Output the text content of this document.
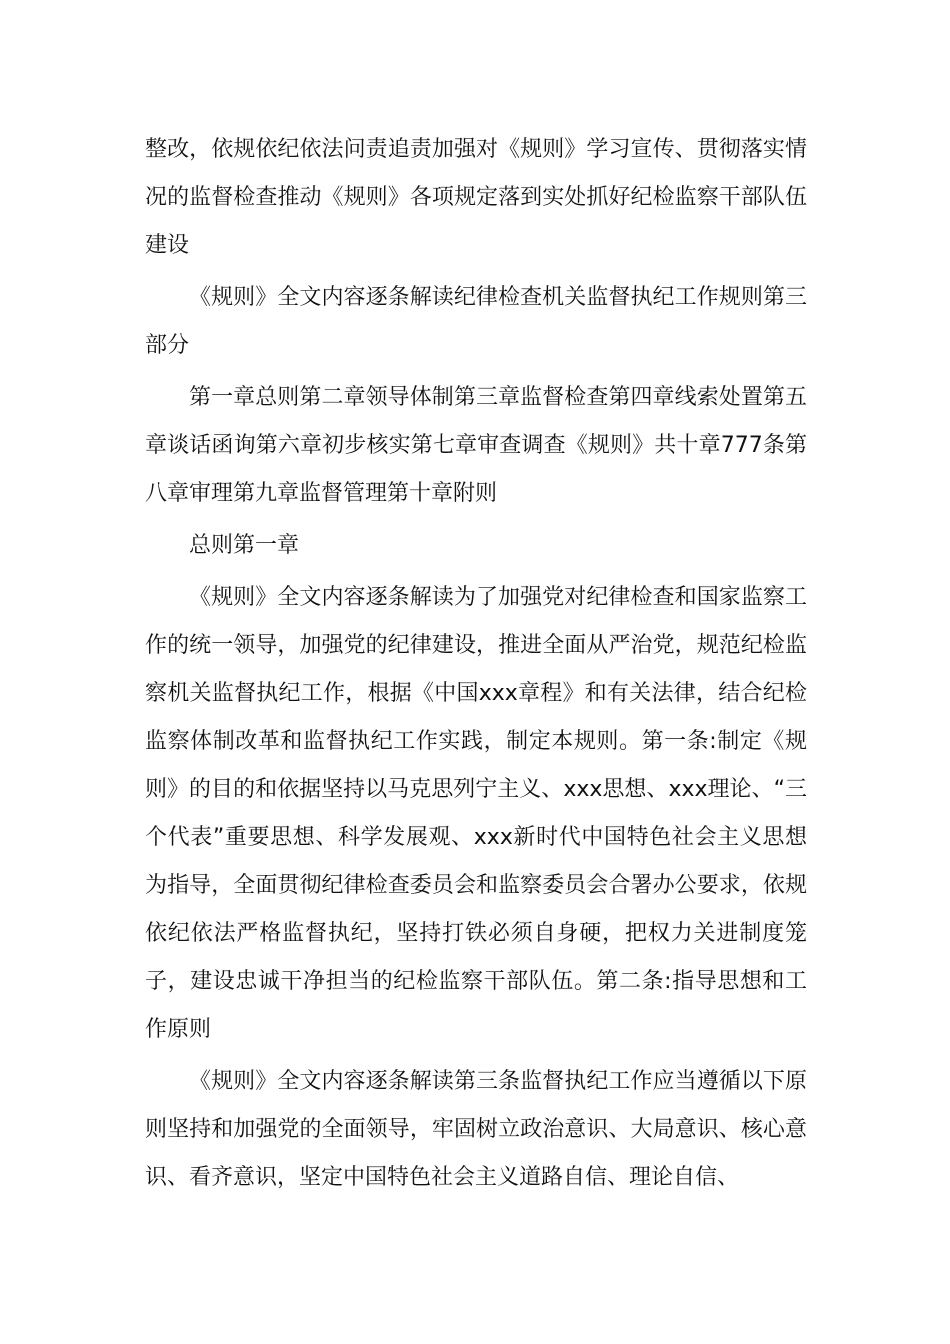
整改，依规依纪依法问责追责加强对《规则》学习宣传、贯彻落实情况的监督检查推动《规则》各项规定落到实处抓好纪检监察干部队伍建设

《规则》全文内容逐条解读纪律检查机关监督执纪工作规则第三部分

第一章总则第二章领导体制第三章监督检查第四章线索处置第五章谈话函询第六章初步核实第七章审查调查《规则》共十章777条第八章审理第九章监督管理第十章附则

总则第一章

《规则》全文内容逐条解读为了加强党对纪律检查和国家监察工作的统一领导，加强党的纪律建设，推进全面从严治党，规范纪检监察机关监督执纪工作，根据《中国xxx章程》和有关法律，结合纪检监察体制改革和监督执纪工作实践，制定本规则。第一条:制定《规则》的目的和依据坚持以马克思列宁主义、xxx思想、xxx理论、“三个代表”重要思想、科学发展观、xxx新时代中国特色社会主义思想为指导，全面贯彻纪律检查委员会和监察委员会合署办公要求，依规依纪依法严格监督执纪，坚持打铁必须自身硬，把权力关进制度笼子，建设忠诚干净担当的纪检监察干部队伍。第二条:指导思想和工作原则

《规则》全文内容逐条解读第三条监督执纪工作应当遵循以下原则坚持和加强党的全面领导，牢固树立政治意识、大局意识、核心意识、看齐意识，坚定中国特色社会主义道路自信、理论自信、
